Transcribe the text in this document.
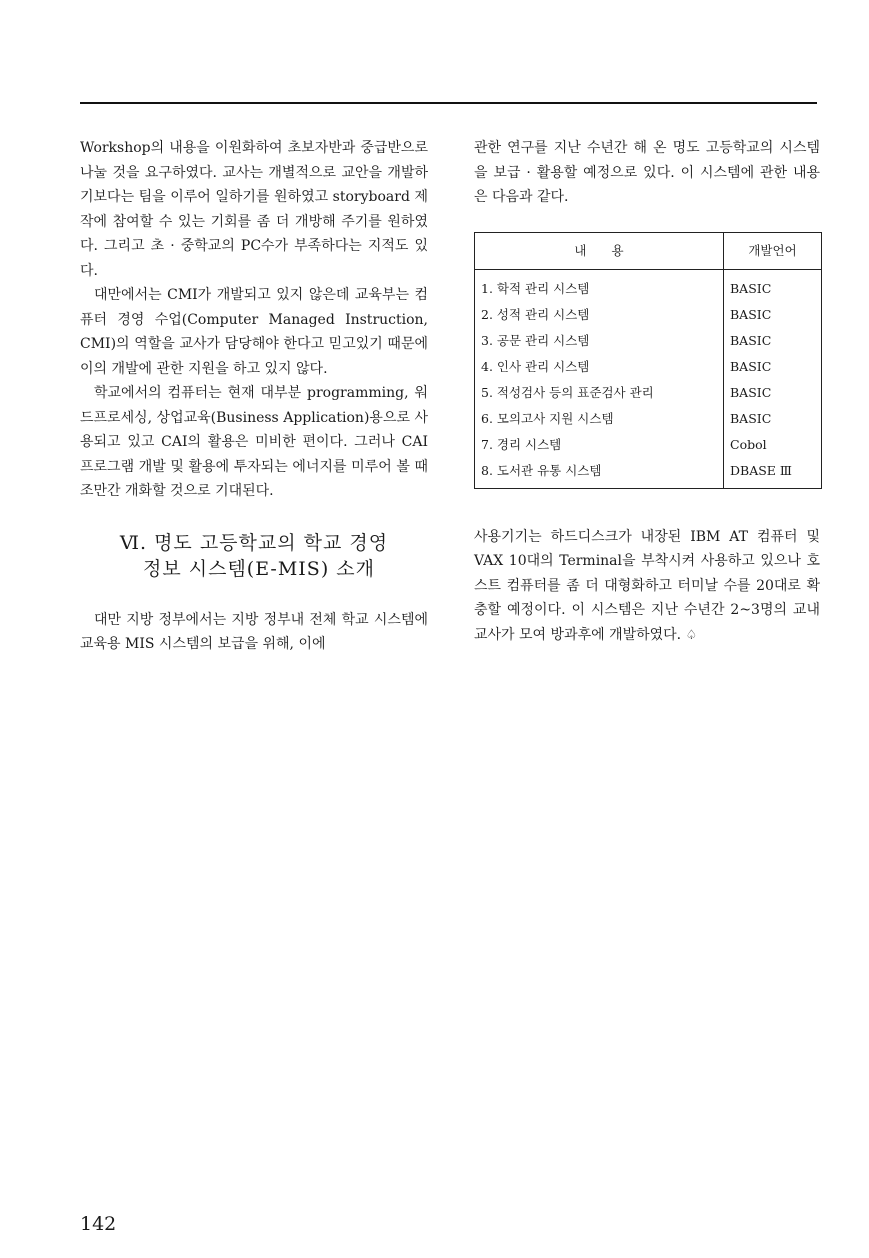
Workshop의 내용을 이원화하여 초보자반과 중급반으로 나눌 것을 요구하였다. 교사는 개별적으로 교안을 개발하기보다는 팀을 이루어 일하기를 원하였고 storyboard 제작에 참여할 수 있는 기회를 좀 더 개방해 주기를 원하였다. 그리고 초 · 중학교의 PC수가 부족하다는 지적도 있다.

대만에서는 CMI가 개발되고 있지 않은데 교육부는 컴퓨터 경영 수업(Computer Managed Instruction, CMI)의 역할을 교사가 담당해야 한다고 믿고있기 때문에 이의 개발에 관한 지원을 하고 있지 않다.

학교에서의 컴퓨터는 현재 대부분 programming, 워드프로세싱, 상업교육(Business Application)용으로 사용되고 있고 CAI의 활용은 미비한 편이다. 그러나 CAI 프로그램 개발 및 활용에 투자되는 에너지를 미루어 볼 때 조만간 개화할 것으로 기대된다.

Ⅵ. 명도 고등학교의 학교 경영
정보 시스템(E-MIS) 소개

대만 지방 정부에서는 지방 정부내 전체 학교 시스템에 교육용 MIS 시스템의 보급을 위해, 이에

관한 연구를 지난 수년간 해 온 명도 고등학교의 시스템을 보급 · 활용할 예정으로 있다. 이 시스템에 관한 내용은 다음과 같다.

내　　용	개발언어
1. 학적 관리 시스템	BASIC
2. 성적 관리 시스템	BASIC
3. 공문 관리 시스템	BASIC
4. 인사 관리 시스템	BASIC
5. 적성검사 등의 표준검사 관리	BASIC
6. 모의고사 지원 시스템	BASIC
7. 경리 시스템	Cobol
8. 도서관 유통 시스템	DBASE Ⅲ

사용기기는 하드디스크가 내장된 IBM AT 컴퓨터 및 VAX 10대의 Terminal을 부착시켜 사용하고 있으나 호스트 컴퓨터를 좀 더 대형화하고 터미날 수를 20대로 확충할 예정이다. 이 시스템은 지난 수년간 2~3명의 교내 교사가 모여 방과후에 개발하였다. ♤

142
